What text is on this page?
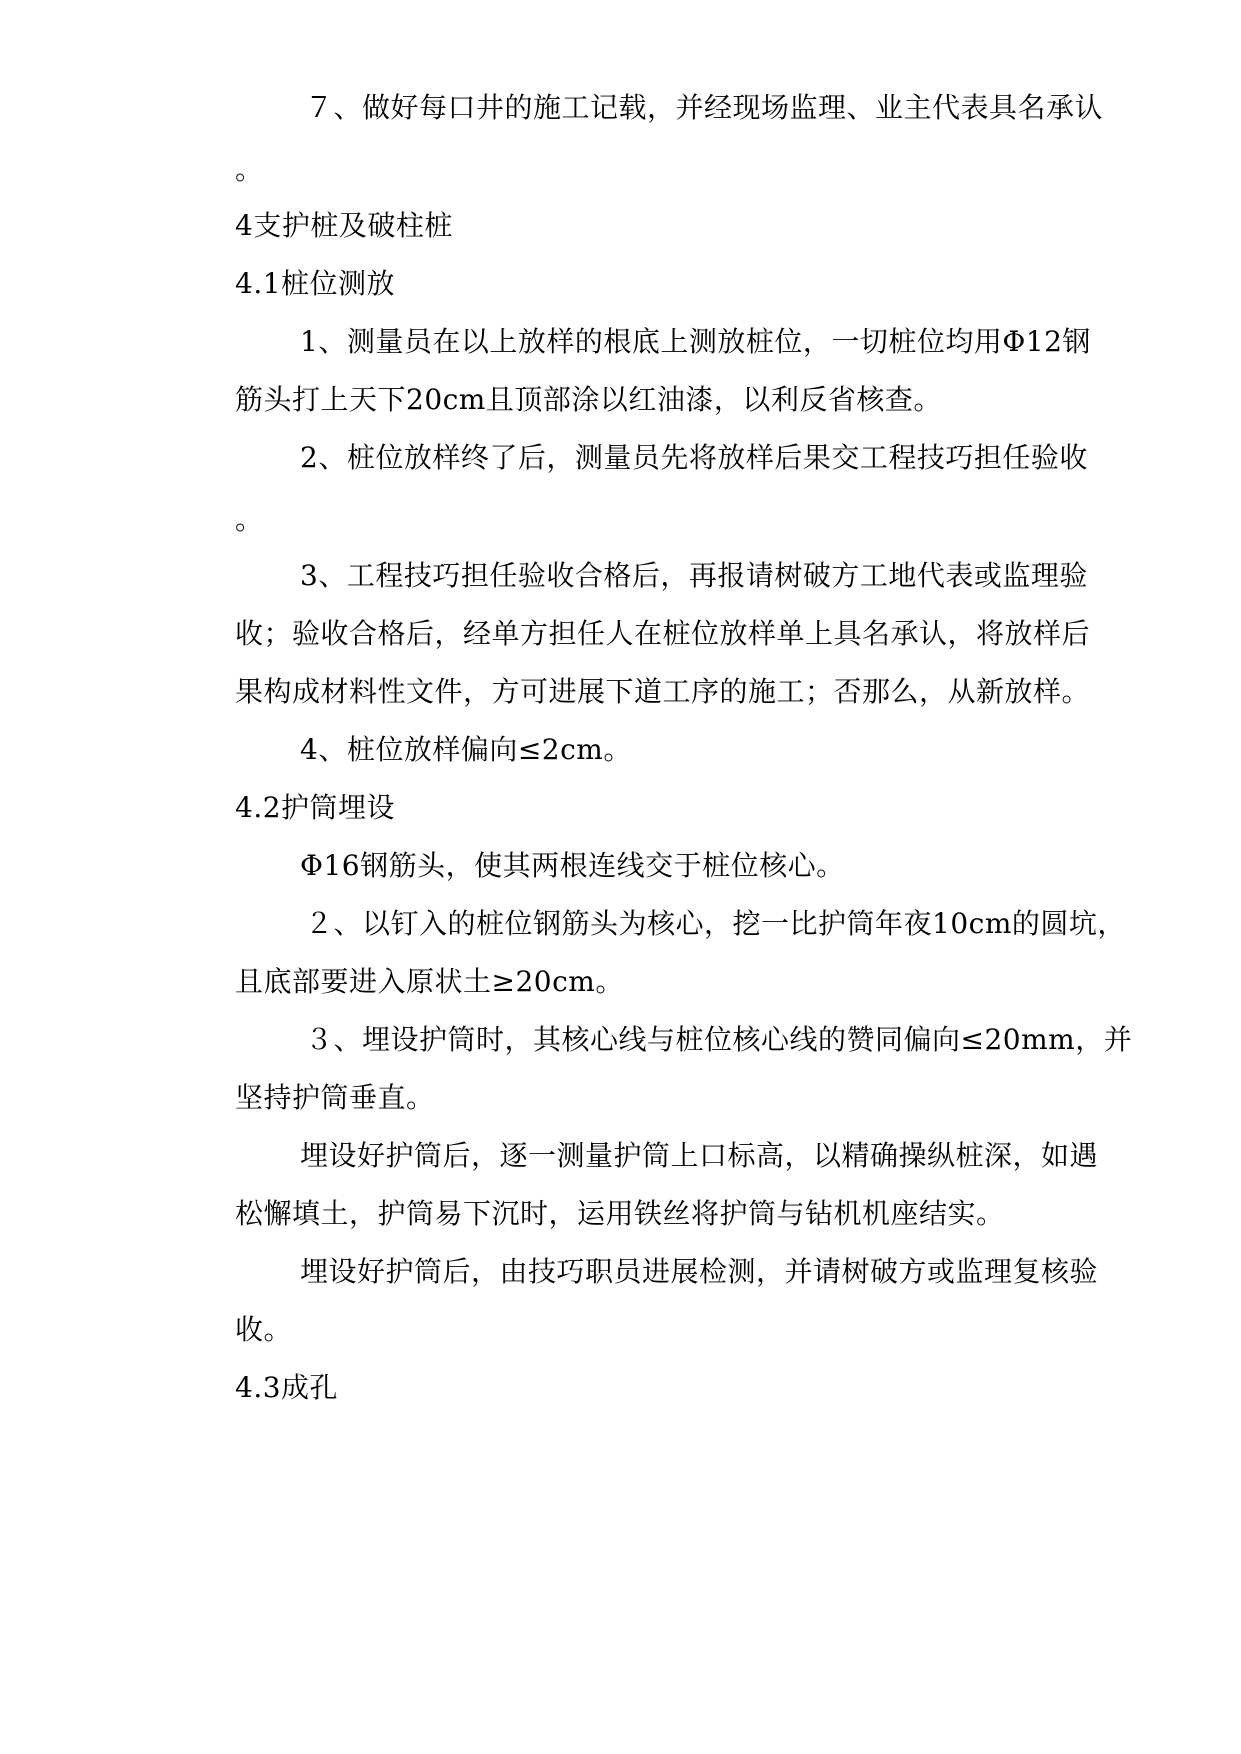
７、做好每口井的施工记载，并经现场监理、业主代表具名承认
。
4支护桩及破柱桩
4.1桩位测放
1、测量员在以上放样的根底上测放桩位，一切桩位均用Φ12钢
筋头打上天下20cm且顶部涂以红油漆，以利反省核查。
2、桩位放样终了后，测量员先将放样后果交工程技巧担任验收
。
3、工程技巧担任验收合格后，再报请树破方工地代表或监理验
收；验收合格后，经单方担任人在桩位放样单上具名承认，将放样后
果构成材料性文件，方可进展下道工序的施工；否那么，从新放样。
4、桩位放样偏向≤2cm。
4.2护筒埋设
Φ16钢筋头，使其两根连线交于桩位核心。
２、以钉入的桩位钢筋头为核心，挖一比护筒年夜10cm的圆坑，
且底部要进入原状土≥20cm。
３、埋设护筒时，其核心线与桩位核心线的赞同偏向≤20mm，并
坚持护筒垂直。
埋设好护筒后，逐一测量护筒上口标高，以精确操纵桩深，如遇
松懈填土，护筒易下沉时，运用铁丝将护筒与钻机机座结实。
埋设好护筒后，由技巧职员进展检测，并请树破方或监理复核验
收。
4.3成孔
